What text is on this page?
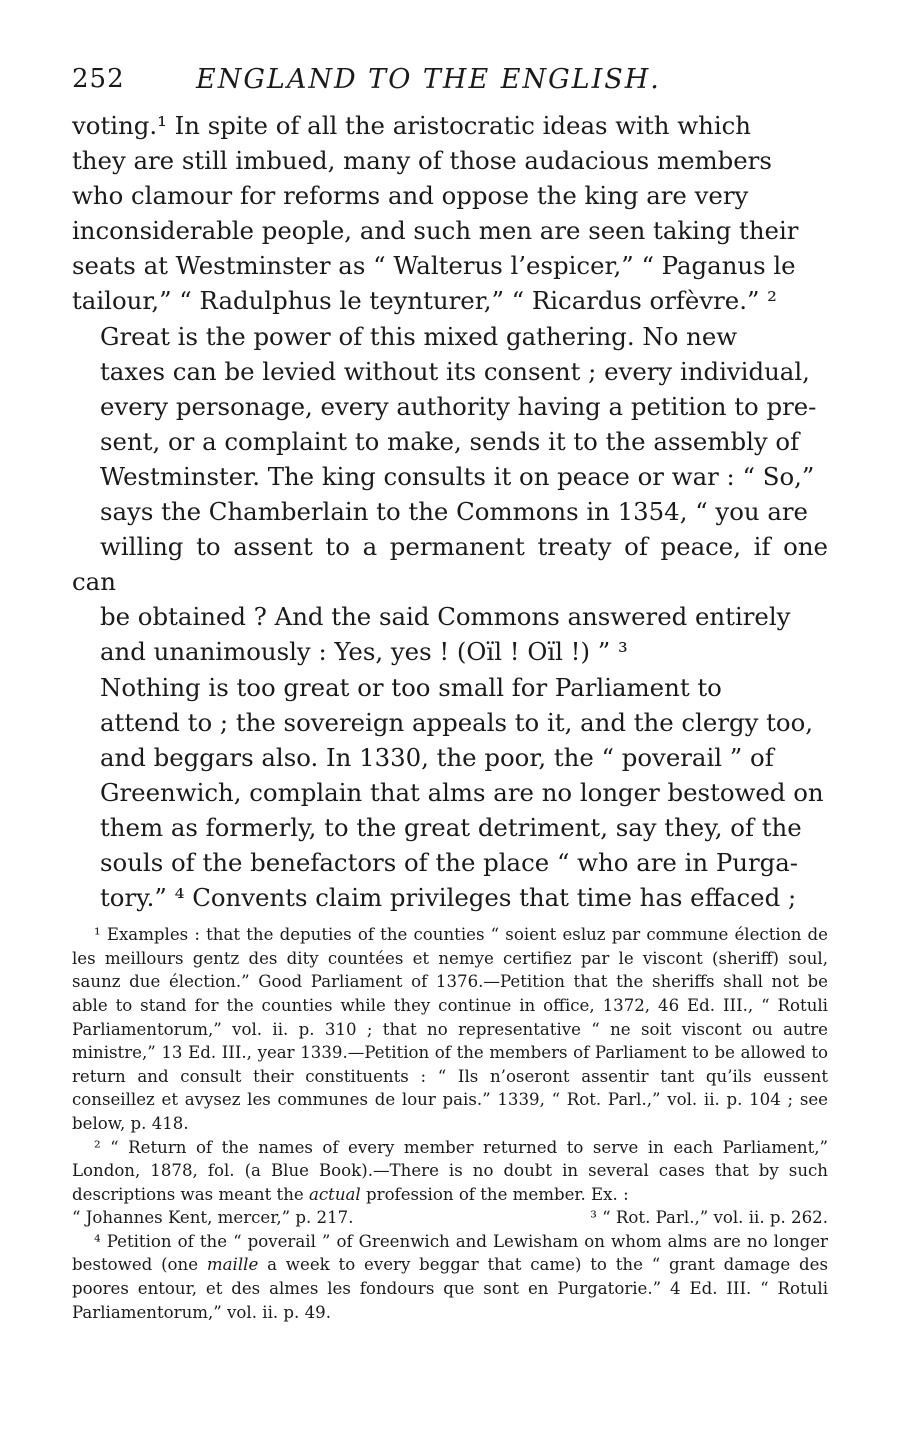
252	ENGLAND TO THE ENGLISH.

voting.¹ In spite of all the aristocratic ideas with which
they are still imbued, many of those audacious members
who clamour for reforms and oppose the king are very
inconsiderable people, and such men are seen taking their
seats at Westminster as “ Walterus l’espicer,” “ Paganus le
tailour,” “ Radulphus le teynturer,” “ Ricardus orfèvre.” ²

Great is the power of this mixed gathering. No new
taxes can be levied without its consent ; every individual,
every personage, every authority having a petition to pre-
sent, or a complaint to make, sends it to the assembly of
Westminster. The king consults it on peace or war : “ So,”
says the Chamberlain to the Commons in 1354, “ you are
willing to assent to a permanent treaty of peace, if one can
be obtained ? And the said Commons answered entirely
and unanimously : Yes, yes ! (Oïl ! Oïl !) ” ³

Nothing is too great or too small for Parliament to
attend to ; the sovereign appeals to it, and the clergy too,
and beggars also. In 1330, the poor, the “ poverail ” of
Greenwich, complain that alms are no longer bestowed on
them as formerly, to the great detriment, say they, of the
souls of the benefactors of the place “ who are in Purga-
tory.” ⁴ Convents claim privileges that time has effaced ;

¹ Examples : that the deputies of the counties “ soient esluz par commune élection de les meillours gentz des dity countées et nemye certifiez par le viscont (sheriff) soul, saunz due élection.” Good Parliament of 1376.—Petition that the sheriffs shall not be able to stand for the counties while they continue in office, 1372, 46 Ed. III., “ Rotuli Parliamentorum,” vol. ii. p. 310 ; that no representative “ ne soit viscont ou autre ministre,” 13 Ed. III., year 1339.—Petition of the members of Parliament to be allowed to return and consult their constituents : “ Ils n’oseront assentir tant qu’ils eussent conseillez et avysez les communes de lour pais.” 1339, “ Rot. Parl.,” vol. ii. p. 104 ; see below, p. 418.

² “ Return of the names of every member returned to serve in each Parliament,” London, 1878, fol. (a Blue Book).—There is no doubt in several cases that by such descriptions was meant the actual profession of the member. Ex. :

“ Johannes Kent, mercer,” p. 217.	³ “ Rot. Parl.,” vol. ii. p. 262.

⁴ Petition of the “ poverail ” of Greenwich and Lewisham on whom alms are no longer bestowed (one maille a week to every beggar that came) to the “ grant damage des poores entour, et des almes les fondours que sont en Purgatorie.” 4 Ed. III. “ Rotuli Parliamentorum,” vol. ii. p. 49.
